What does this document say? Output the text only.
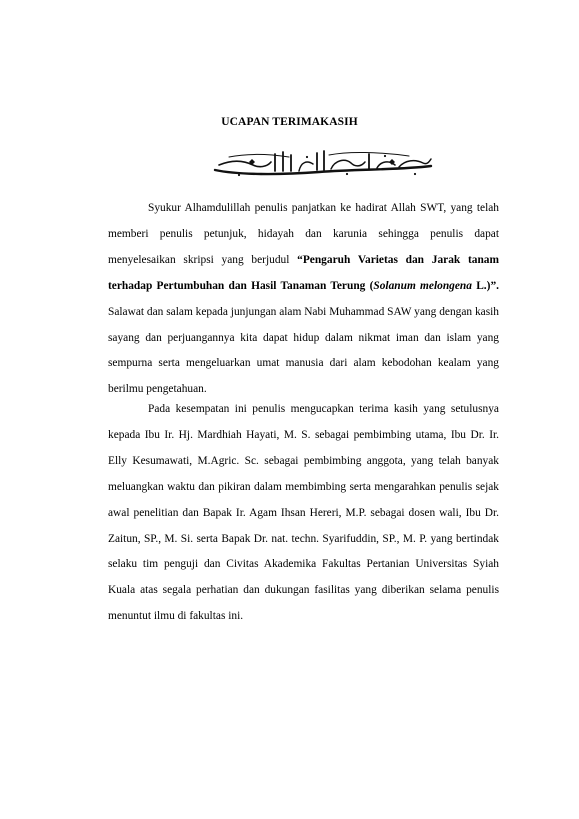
UCAPAN TERIMAKASIH

Syukur Alhamdulillah penulis panjatkan ke hadirat Allah SWT, yang telah memberi penulis petunjuk, hidayah dan karunia sehingga penulis dapat menyelesaikan skripsi yang berjudul “Pengaruh Varietas dan Jarak tanam terhadap Pertumbuhan dan Hasil Tanaman Terung (Solanum melongena L.)”. Salawat dan salam kepada junjungan alam Nabi Muhammad SAW yang dengan kasih sayang dan perjuangannya kita dapat hidup dalam nikmat iman dan islam yang sempurna serta mengeluarkan umat manusia dari alam kebodohan kealam yang berilmu pengetahuan.

Pada kesempatan ini penulis mengucapkan terima kasih yang setulusnya kepada Ibu Ir. Hj. Mardhiah Hayati, M. S. sebagai pembimbing utama, Ibu Dr. Ir. Elly Kesumawati, M.Agric. Sc. sebagai pembimbing anggota, yang telah banyak meluangkan waktu dan pikiran dalam membimbing serta mengarahkan penulis sejak awal penelitian dan Bapak Ir. Agam Ihsan Hereri, M.P. sebagai dosen wali, Ibu Dr. Zaitun, SP., M. Si. serta Bapak Dr. nat. techn. Syarifuddin, SP., M. P. yang bertindak selaku tim penguji dan Civitas Akademika Fakultas Pertanian Universitas Syiah Kuala atas segala perhatian dan dukungan fasilitas yang diberikan selama penulis menuntut ilmu di fakultas ini.
